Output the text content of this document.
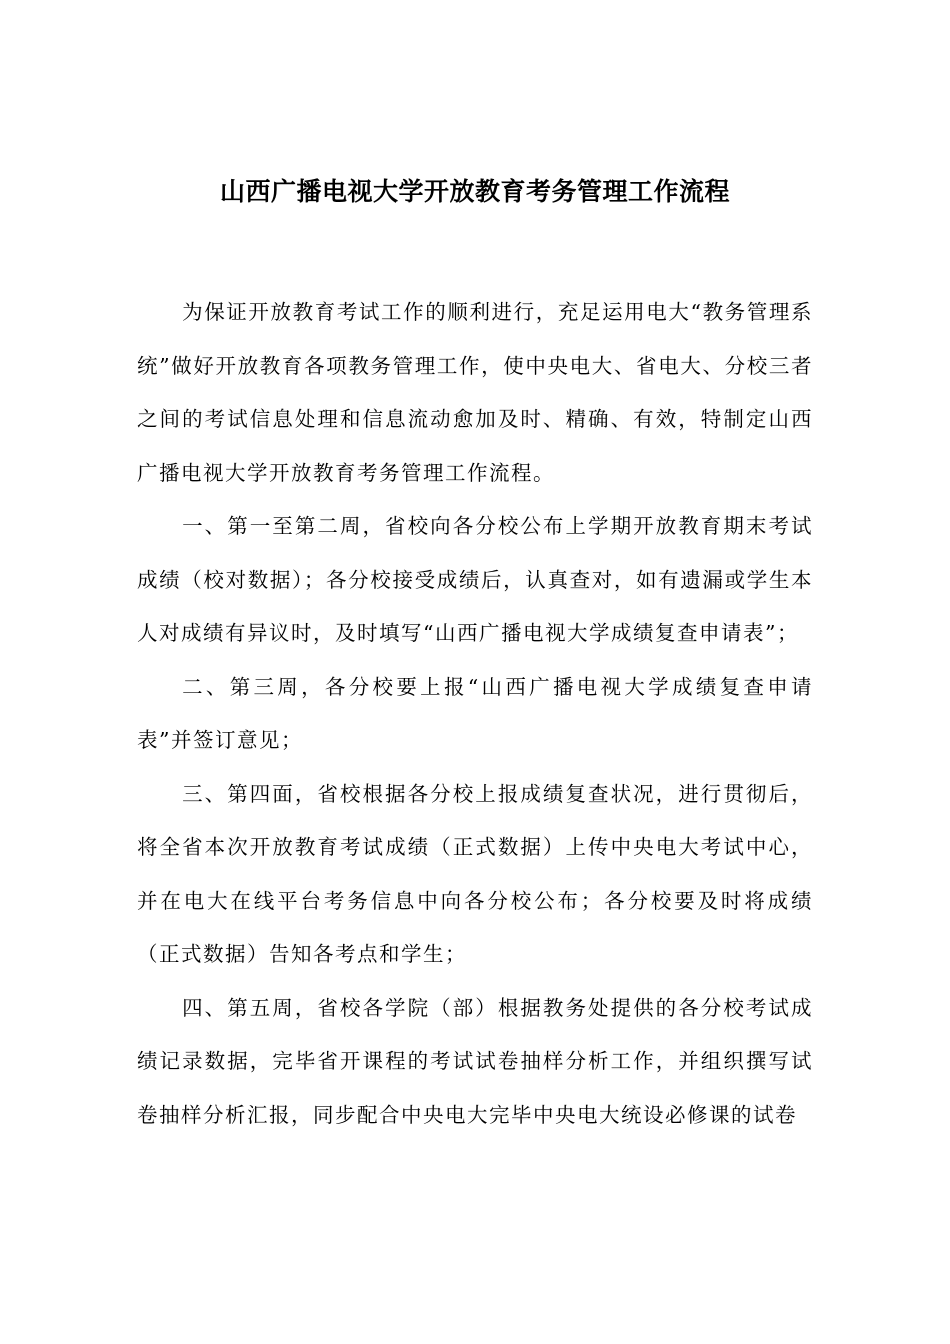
山西广播电视大学开放教育考务管理工作流程

为保证开放教育考试工作的顺利进行，充足运用电大“教务管理系统”做好开放教育各项教务管理工作，使中央电大、省电大、分校三者之间的考试信息处理和信息流动愈加及时、精确、有效，特制定山西广播电视大学开放教育考务管理工作流程。

一、第一至第二周，省校向各分校公布上学期开放教育期末考试成绩（校对数据）；各分校接受成绩后，认真查对，如有遗漏或学生本人对成绩有异议时，及时填写“山西广播电视大学成绩复查申请表”；

二、第三周，各分校要上报“山西广播电视大学成绩复查申请表”并签订意见；

三、第四面，省校根据各分校上报成绩复查状况，进行贯彻后，将全省本次开放教育考试成绩（正式数据）上传中央电大考试中心，并在电大在线平台考务信息中向各分校公布；各分校要及时将成绩（正式数据）告知各考点和学生；

四、第五周，省校各学院（部）根据教务处提供的各分校考试成绩记录数据，完毕省开课程的考试试卷抽样分析工作，并组织撰写试卷抽样分析汇报，同步配合中央电大完毕中央电大统设必修课的试卷
